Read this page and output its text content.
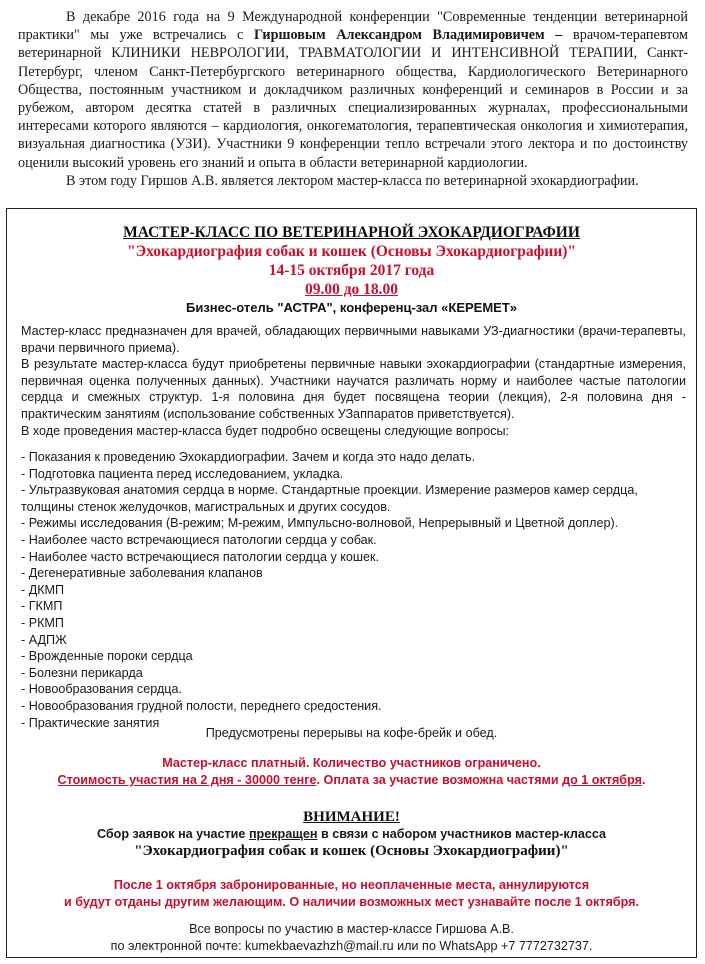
В декабре 2016 года на 9 Международной конференции "Современные тенденции ветеринарной практики" мы уже встречались с Гиршовым Александром Владимировичем – врачом-терапевтом ветеринарной КЛИНИКИ НЕВРОЛОГИИ, ТРАВМАТОЛОГИИ И ИНТЕНСИВНОЙ ТЕРАПИИ, Санкт-Петербург, членом Санкт-Петербургского ветеринарного общества, Кардиологического Ветеринарного Общества, постоянным участником и докладчиком различных конференций и семинаров в России и за рубежом, автором десятка статей в различных специализированных журналах, профессиональными интересами которого являются – кардиология, онкогематология, терапевтическая онкология и химиотерапия, визуальная диагностика (УЗИ). Участники 9 конференции тепло встречали этого лектора и по достоинству оценили высокий уровень его знаний и опыта в области ветеринарной кардиологии.

В этом году Гиршов А.В. является лектором мастер-класса по ветеринарной эхокардиографии.

МАСТЕР-КЛАСС ПО ВЕТЕРИНАРНОЙ ЭХОКАРДИОГРАФИИ
"Эхокардиография собак и кошек (Основы Эхокардиографии)"
14-15 октября 2017 года
09.00 до 18.00
Бизнес-отель "АСТРА", конференц-зал «КЕРЕМЕТ»

Мастер-класс предназначен для врачей, обладающих первичными навыками УЗ-диагностики (врачи-терапевты, врачи первичного приема).

В результате мастер-класса будут приобретены первичные навыки эхокардиографии (стандартные измерения, первичная оценка полученных данных). Участники научатся различать норму и наиболее частые патологии сердца и смежных структур. 1-я половина дня будет посвящена теории (лекция), 2-я половина дня - практическим занятиям (использование собственных УЗаппаратов приветствуется).

В ходе проведения мастер-класса будет подробно освещены следующие вопросы:

- Показания к проведению Эхокардиографии. Зачем и когда это надо делать.
- Подготовка пациента перед исследованием, укладка.
- Ультразвуковая анатомия сердца в норме. Стандартные проекции. Измерение размеров камер сердца, толщины стенок желудочков, магистральных и других сосудов.
- Режимы исследования (В-режим; М-режим, Импульсно-волновой, Непрерывный и Цветной доплер).
- Наиболее часто встречающиеся патологии сердца у собак.
- Наиболее часто встречающиеся патологии сердца у кошек.
- Дегенеративные заболевания клапанов
- ДКМП
- ГКМП
- РКМП
- АДПЖ
- Врожденные пороки сердца
- Болезни перикарда
- Новообразования сердца.
- Новообразования грудной полости, переднего средостения.
- Практические занятия
Предусмотрены перерывы на кофе-брейк и обед.
Мастер-класс платный. Количество участников ограничено.
Стоимость участия на 2 дня - 30000 тенге. Оплата за участие возможна частями до 1 октября.
ВНИМАНИЕ!
Сбор заявок на участие прекращен в связи с набором участников мастер-класса
"Эхокардиография собак и кошек (Основы Эхокардиографии)"
После 1 октября забронированные, но неоплаченные места, аннулируются
и будут отданы другим желающим. О наличии возможных мест узнавайте после 1 октября.
Все вопросы по участию в мастер-классе Гиршова А.В.
по электронной почте: kumekbaevazhzh@mail.ru или по WhatsApp +7 7772732737.
